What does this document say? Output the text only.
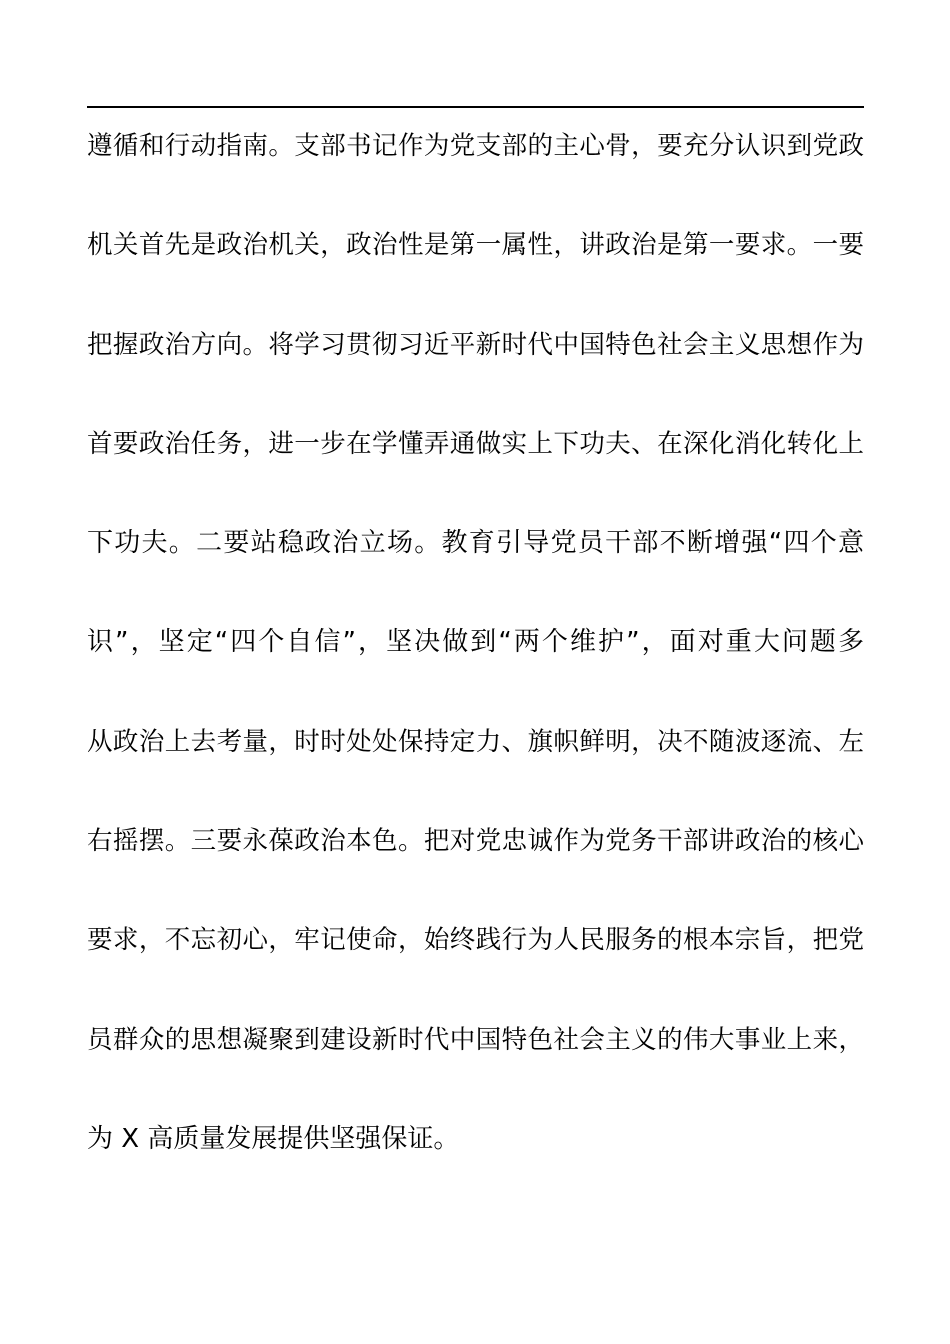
遵循和行动指南。支部书记作为党支部的主心骨，要充分认识到党政
机关首先是政治机关，政治性是第一属性，讲政治是第一要求。一要
把握政治方向。将学习贯彻习近平新时代中国特色社会主义思想作为
首要政治任务，进一步在学懂弄通做实上下功夫、在深化消化转化上
下功夫。二要站稳政治立场。教育引导党员干部不断增强“四个意
识”，坚定“四个自信”，坚决做到“两个维护”，面对重大问题多
从政治上去考量，时时处处保持定力、旗帜鲜明，决不随波逐流、左
右摇摆。三要永葆政治本色。把对党忠诚作为党务干部讲政治的核心
要求，不忘初心，牢记使命，始终践行为人民服务的根本宗旨，把党
员群众的思想凝聚到建设新时代中国特色社会主义的伟大事业上来，
为 X 高质量发展提供坚强保证。
